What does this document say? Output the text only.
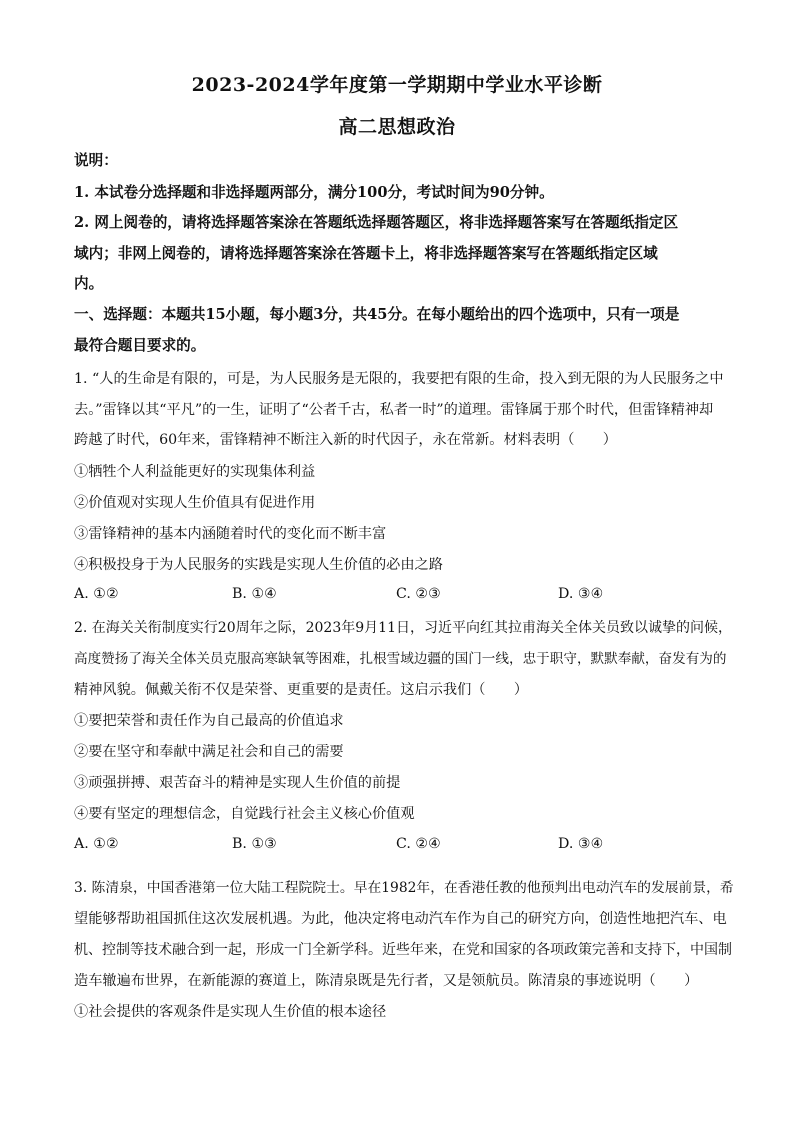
2023-2024学年度第一学期期中学业水平诊断
高二思想政治
说明：
1. 本试卷分选择题和非选择题两部分，满分100分，考试时间为90分钟。
2. 网上阅卷的，请将选择题答案涂在答题纸选择题答题区，将非选择题答案写在答题纸指定区
域内；非网上阅卷的，请将选择题答案涂在答题卡上，将非选择题答案写在答题纸指定区域
内。
一、选择题：本题共15小题，每小题3分，共45分。在每小题给出的四个选项中，只有一项是
最符合题目要求的。
1. “人的生命是有限的，可是，为人民服务是无限的，我要把有限的生命，投入到无限的为人民服务之中
去。”雷锋以其“平凡”的一生，证明了“公者千古，私者一时”的道理。雷锋属于那个时代，但雷锋精神却
跨越了时代，60年来，雷锋精神不断注入新的时代因子，永在常新。材料表明（　　）
①牺牲个人利益能更好的实现集体利益
②价值观对实现人生价值具有促进作用
③雷锋精神的基本内涵随着时代的变化而不断丰富
④积极投身于为人民服务的实践是实现人生价值的必由之路
A. ①②	B. ①④	C. ②③	D. ③④
2. 在海关关衔制度实行20周年之际，2023年9月11日，习近平向红其拉甫海关全体关员致以诚挚的问候，
高度赞扬了海关全体关员克服高寒缺氧等困难，扎根雪域边疆的国门一线，忠于职守，默默奉献，奋发有为的
精神风貌。佩戴关衔不仅是荣誉、更重要的是责任。这启示我们（　　）
①要把荣誉和责任作为自己最高的价值追求
②要在坚守和奉献中满足社会和自己的需要
③顽强拼搏、艰苦奋斗的精神是实现人生价值的前提
④要有坚定的理想信念，自觉践行社会主义核心价值观
A. ①②	B. ①③	C. ②④	D. ③④
3. 陈清泉，中国香港第一位大陆工程院院士。早在1982年，在香港任教的他预判出电动汽车的发展前景，希
望能够帮助祖国抓住这次发展机遇。为此，他决定将电动汽车作为自己的研究方向，创造性地把汽车、电
机、控制等技术融合到一起，形成一门全新学科。近些年来，在党和国家的各项政策完善和支持下，中国制
造车辙遍布世界，在新能源的赛道上，陈清泉既是先行者，又是领航员。陈清泉的事迹说明（　　）
①社会提供的客观条件是实现人生价值的根本途径
